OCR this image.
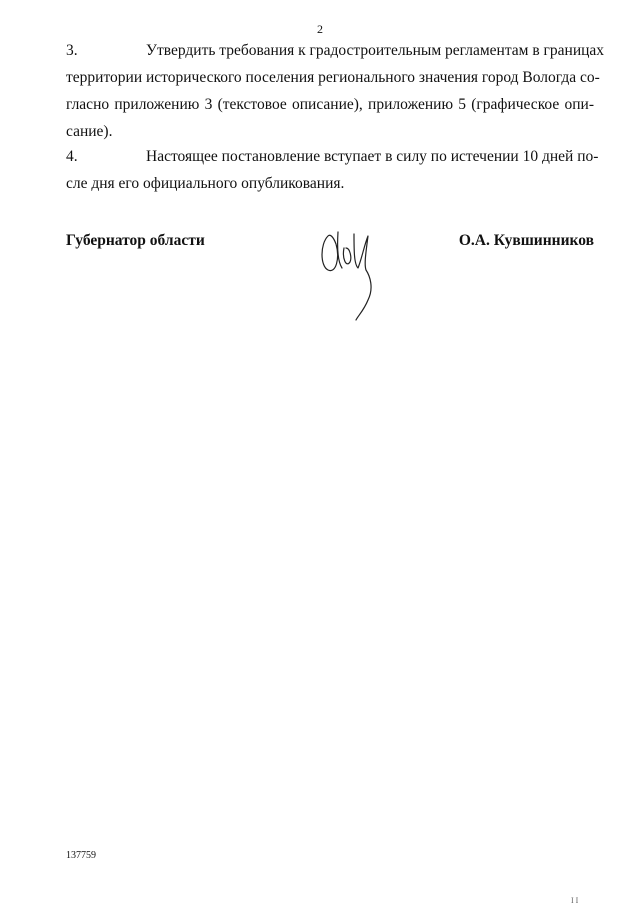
2
3.	Утвердить требования к градостроительным регламентам в границах
территории исторического поселения регионального значения город Вологда со-
гласно приложению 3 (текстовое описание), приложению 5 (графическое опи-
сание).
4.	Настоящее постановление вступает в силу по истечении 10 дней по-
сле дня его официального опубликования.
Губернатор области	О.А. Кувшинников
137759
I I
